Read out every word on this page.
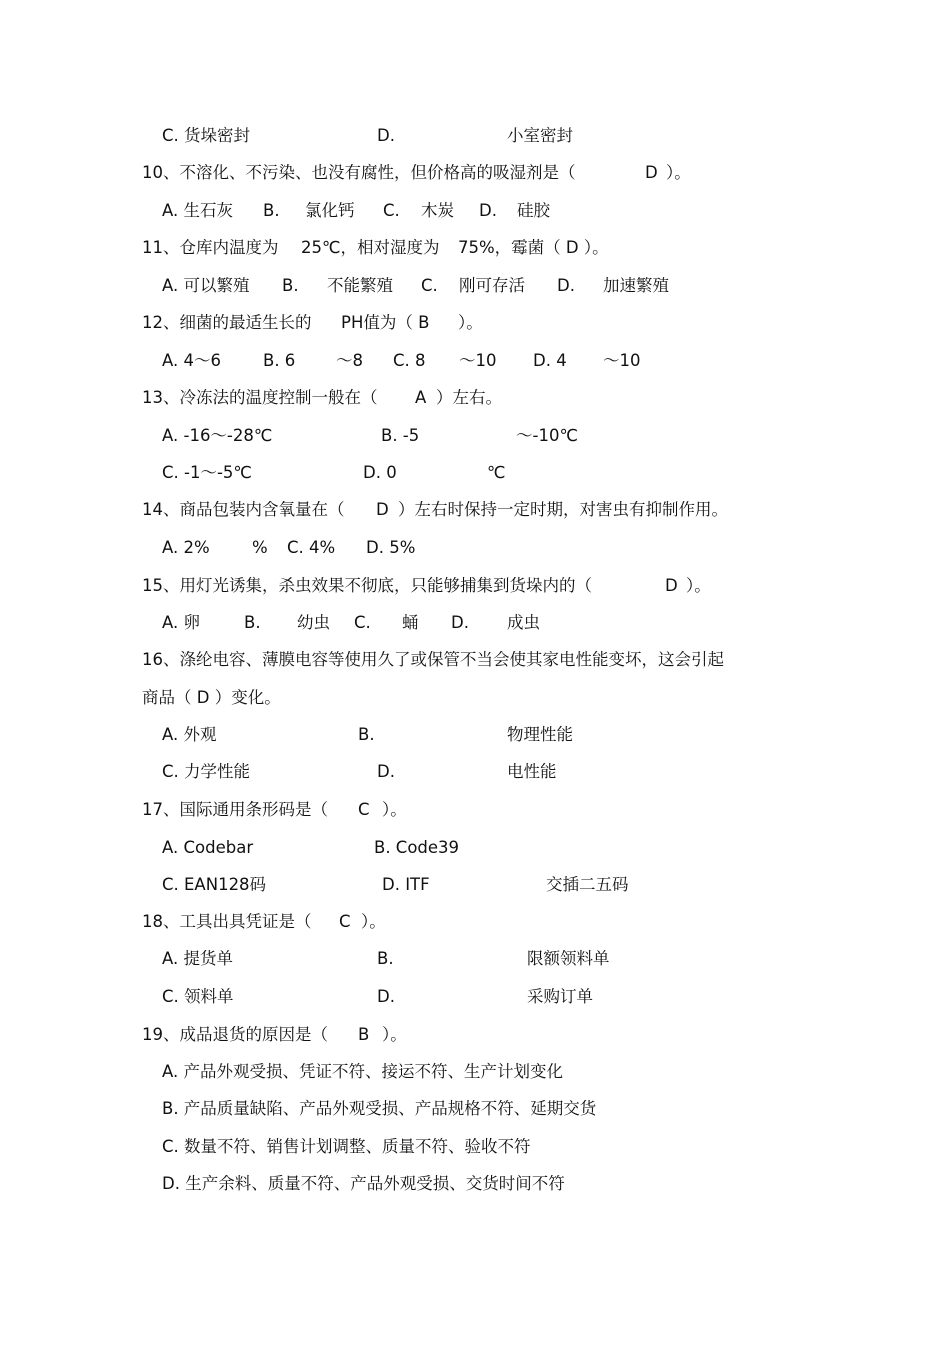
C. 货垛密封	D.	小室密封
10、不溶化、不污染、也没有腐性，但价格高的吸湿剂是（	D ）。
A. 生石灰 B. 氯化钙 C. 木炭 D. 硅胶
11、仓库内温度为 25℃，相对湿度为 75%，霉菌（ D ）。
A. 可以繁殖 B. 不能繁殖 C. 刚可存活 D. 加速繁殖
12、细菌的最适生长的 PH值为（ B ）。
A. 4～6	B. 6 ～8 C. 8 ～10 D. 4 ～10
13、冷冻法的温度控制一般在（ A ）左右。
A. -16～-28℃	B. -5	～-10℃
C. -1～-5℃	D. 0	℃
14、商品包装内含氧量在（ D ）左右时保持一定时期，对害虫有抑制作用。
A. 2%	% C. 4% D. 5%
15、用灯光诱集，杀虫效果不彻底，只能够捕集到货垛内的（	D ）。
A. 卵	B. 幼虫 C. 蛹 D. 成虫
16、涤纶电容、薄膜电容等使用久了或保管不当会使其家电性能变坏，这会引起
商品（ D ）变化。
A. 外观	B.	物理性能
C. 力学性能	D.	电性能
17、国际通用条形码是（ C ）。
A. Codebar	B. Code39
C. EAN128码	D. ITF	交插二五码
18、工具出具凭证是（ C ）。
A. 提货单	B.	限额领料单
C. 领料单	D.	采购订单
19、成品退货的原因是（ B ）。
A. 产品外观受损、凭证不符、接运不符、生产计划变化
B. 产品质量缺陷、产品外观受损、产品规格不符、延期交货
C. 数量不符、销售计划调整、质量不符、验收不符
D. 生产余料、质量不符、产品外观受损、交货时间不符
